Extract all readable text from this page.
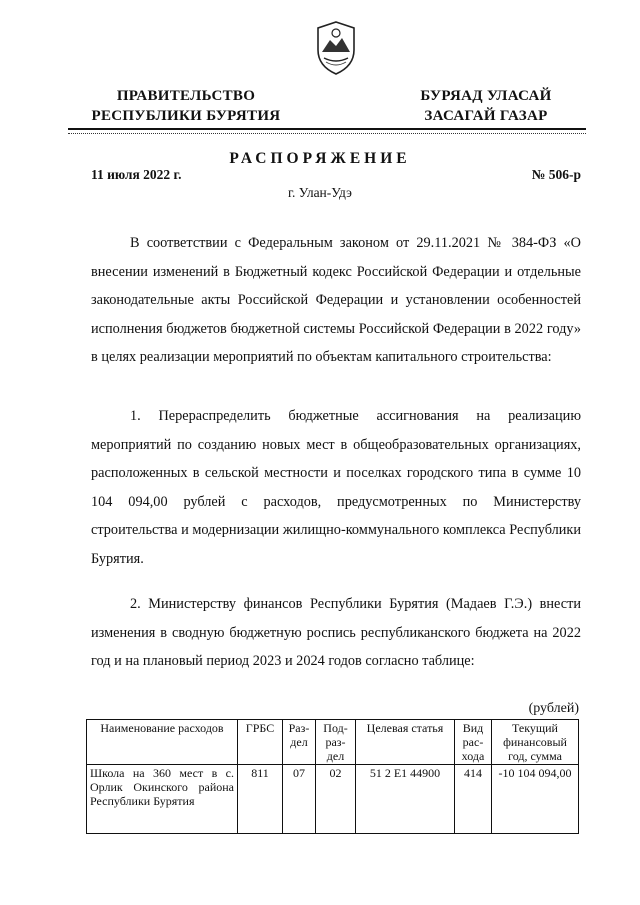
ПРАВИТЕЛЬСТВО
РЕСПУБЛИКИ БУРЯТИЯ
БУРЯАД УЛАСАЙ
ЗАСАГАЙ ГАЗАР
РАСПОРЯЖЕНИЕ
11 июля 2022 г.	№ 506-р
г. Улан-Удэ

В соответствии с Федеральным законом от 29.11.2021 № 384-ФЗ «О внесении изменений в Бюджетный кодекс Российской Федерации и отдельные законодательные акты Российской Федерации и установлении особенностей исполнения бюджетов бюджетной системы Российской Федерации в 2022 году» в целях реализации мероприятий по объектам капитального строительства:

1. Перераспределить бюджетные ассигнования на реализацию мероприятий по созданию новых мест в общеобразовательных организациях, расположенных в сельской местности и поселках городского типа в сумме 10 104 094,00 рублей с расходов, предусмотренных по Министерству строительства и модернизации жилищно-коммунального комплекса Республики Бурятия.

2. Министерству финансов Республики Бурятия (Мадаев Г.Э.) внести изменения в сводную бюджетную роспись республиканского бюджета на 2022 год и на плановый период 2023 и 2024 годов согласно таблице:

(рублей)
Наименование расходов	ГРБС	Раз-дел	Под-раз-дел	Целевая статья	Вид рас-хода	Текущий финансовый год, сумма
Школа на 360 мест в с. Орлик Окинского района Республики Бурятия	811	07	02	51 2 Е1 44900	414	-10 104 094,00
